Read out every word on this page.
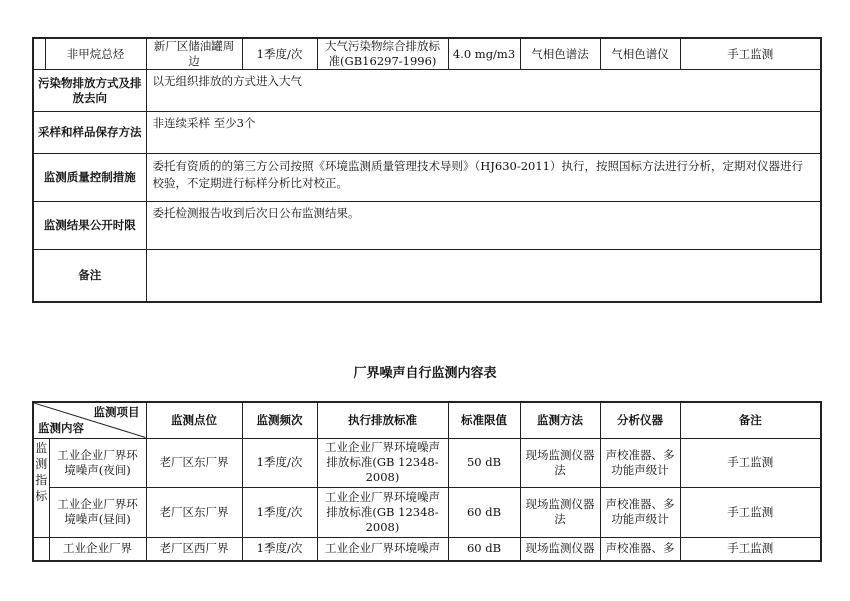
	非甲烷总烃	新厂区储油罐周边	1季度/次	大气污染物综合排放标准(GB16297-1996)	4.0 mg/m3	气相色谱法	气相色谱仪	手工监测
污染物排放方式及排放去向		以无组织排放的方式进入大气						
采样和样品保存方法		非连续采样 至少3个						
监测质量控制措施		委托有资质的的第三方公司按照《环境监测质量管理技术导则》（HJ630-2011）执行，按照国标方法进行分析，定期对仪器进行校验，不定期进行标样分析比对校正。						
监测结果公开时限		委托检测报告收到后次日公布监测结果。						
备注								
厂界噪声自行监测内容表
监测项目
监测内容		监测点位	监测频次	执行排放标准	标准限值	监测方法	分析仪器	备注
监测指标	工业企业厂界环境噪声(夜间)	老厂区东厂界	1季度/次	工业企业厂界环境噪声排放标准(GB 12348-2008)	50 dB	现场监测仪器法	声校准器、多功能声级计	手工监测
	工业企业厂界环境噪声(昼间)	老厂区东厂界	1季度/次	工业企业厂界环境噪声排放标准(GB 12348-2008)	60 dB	现场监测仪器法	声校准器、多功能声级计	手工监测
	工业企业厂界	老厂区西厂界	1季度/次	工业企业厂界环境噪声	60 dB	现场监测仪器	声校准器、多	手工监测
